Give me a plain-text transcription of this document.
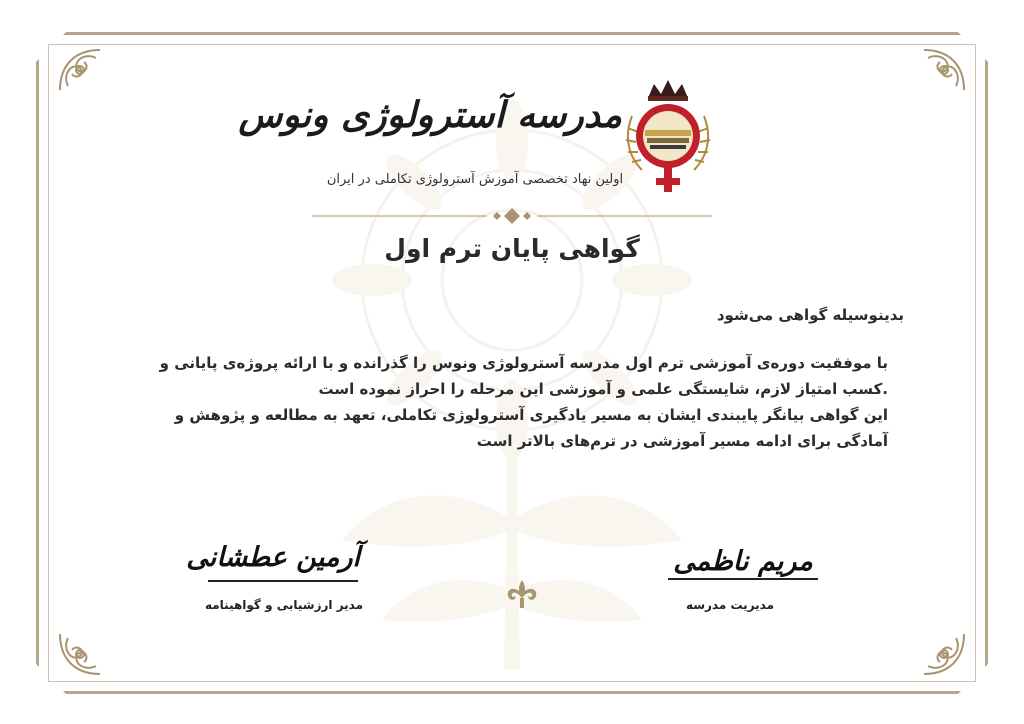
مدرسه آسترولوژی ونوس
اولین نهاد تخصصی آموزش آسترولوژی تکاملی در ایران
گواهی پایان ترم اول
بدینوسیله گواهی می‌شود

با موفقیت دوره‌ی آموزشی ترم اول مدرسه آسترولوژی ونوس را گذرانده و با ارائه پروژه‌ی پایانی و

.کسب امتیاز لازم، شایستگی علمی و آموزشی این مرحله را احراز نموده است

این گواهی بیانگر پایبندی ایشان به مسیر یادگیری آسترولوژی تکاملی، تعهد به مطالعه و پژوهش و

آمادگی برای ادامه مسیر آموزشی در ترم‌های بالاتر است

آرمین عطشانی
مدیر ارزشیابی و گواهینامه
مریم ناظمی
مدیریت مدرسه
